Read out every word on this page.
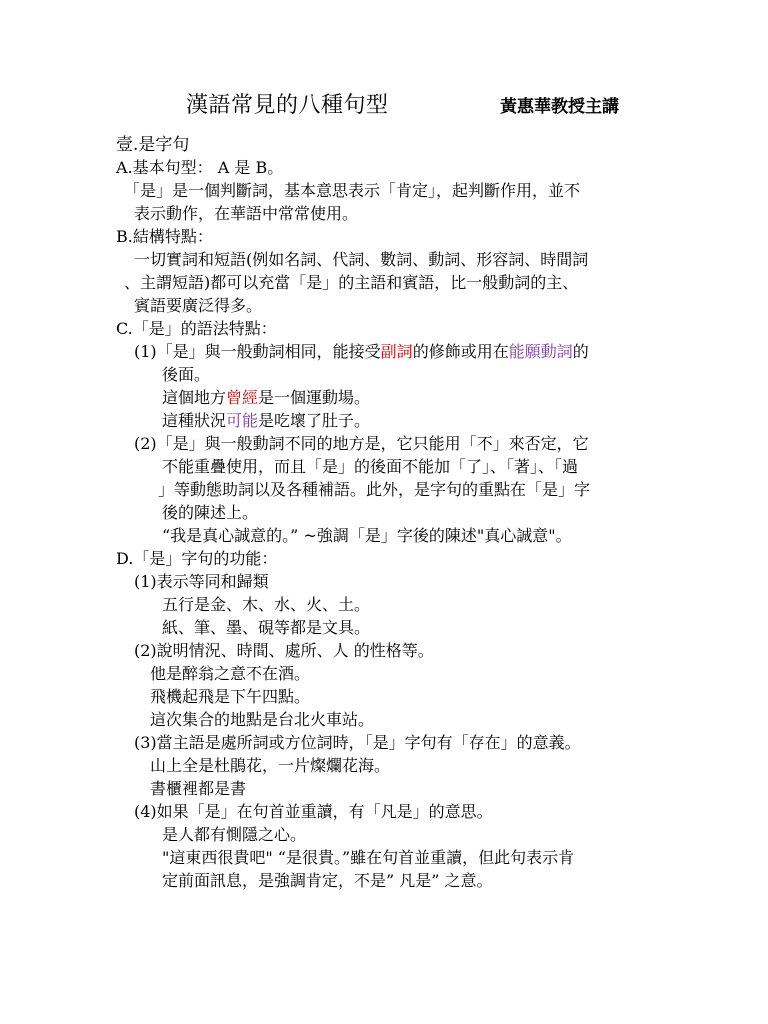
漢語常見的八種句型	黃惠華教授主講
壹.是字句
A.基本句型： A 是 B。
「是」是一個判斷詞，基本意思表示「肯定」，起判斷作用，並不
表示動作，在華語中常常使用。
B.結構特點：
一切實詞和短語(例如名詞、代詞、數詞、動詞、形容詞、時間詞
、主謂短語)都可以充當「是」的主語和賓語，比一般動詞的主、
賓語要廣泛得多。
C.「是」的語法特點：
(1)「是」與一般動詞相同，能接受副詞的修飾或用在能願動詞的
後面。
這個地方曾經是一個運動場。
這種狀況可能是吃壞了肚子。
(2)「是」與一般動詞不同的地方是，它只能用「不」來否定，它
不能重疊使用，而且「是」的後面不能加「了」、「著」、「過
」等動態助詞以及各種補語。此外，是字句的重點在「是」字
後的陳述上。
“我是真心誠意的。” ~強調「是」字後的陳述"真心誠意"。
D.「是」字句的功能：
(1)表示等同和歸類
五行是金、木、水、火、土。
紙、筆、墨、硯等都是文具。
(2)說明情況、時間、處所、人 的性格等。
他是醉翁之意不在酒。
飛機起飛是下午四點。
這次集合的地點是台北火車站。
(3)當主語是處所詞或方位詞時，「是」字句有「存在」的意義。
山上全是杜鵑花，一片燦爛花海。
書櫃裡都是書
(4)如果「是」在句首並重讀，有「凡是」的意思。
是人都有惻隱之心。
"這東西很貴吧" “是很貴。”雖在句首並重讀，但此句表示肯
定前面訊息，是強調肯定，不是” 凡是” 之意。
